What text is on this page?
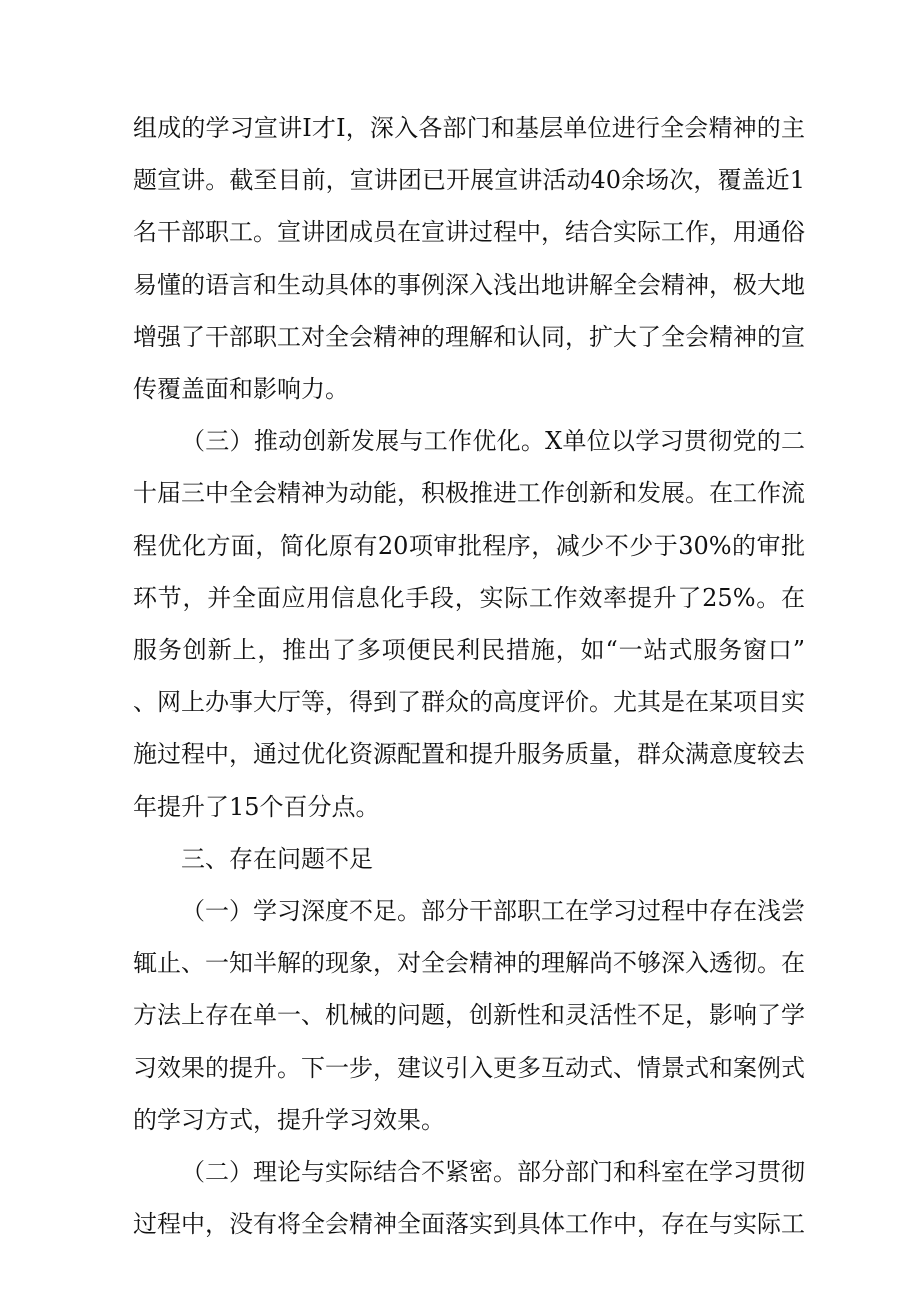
组成的学习宣讲I才I，深入各部门和基层单位进行全会精神的主题宣讲。截至目前，宣讲团已开展宣讲活动40余场次，覆盖近1名干部职工。宣讲团成员在宣讲过程中，结合实际工作，用通俗易懂的语言和生动具体的事例深入浅出地讲解全会精神，极大地增强了干部职工对全会精神的理解和认同，扩大了全会精神的宣传覆盖面和影响力。

（三）推动创新发展与工作优化。X单位以学习贯彻党的二十届三中全会精神为动能，积极推进工作创新和发展。在工作流程优化方面，简化原有20项审批程序，减少不少于30%的审批环节，并全面应用信息化手段，实际工作效率提升了25%。在服务创新上，推出了多项便民利民措施，如“一站式服务窗口”、网上办事大厅等，得到了群众的高度评价。尤其是在某项目实施过程中，通过优化资源配置和提升服务质量，群众满意度较去年提升了15个百分点。

三、存在问题不足

（一）学习深度不足。部分干部职工在学习过程中存在浅尝辄止、一知半解的现象，对全会精神的理解尚不够深入透彻。在方法上存在单一、机械的问题，创新性和灵活性不足，影响了学习效果的提升。下一步，建议引入更多互动式、情景式和案例式的学习方式，提升学习效果。

（二）理论与实际结合不紧密。部分部门和科室在学习贯彻过程中，没有将全会精神全面落实到具体工作中，存在与实际工
